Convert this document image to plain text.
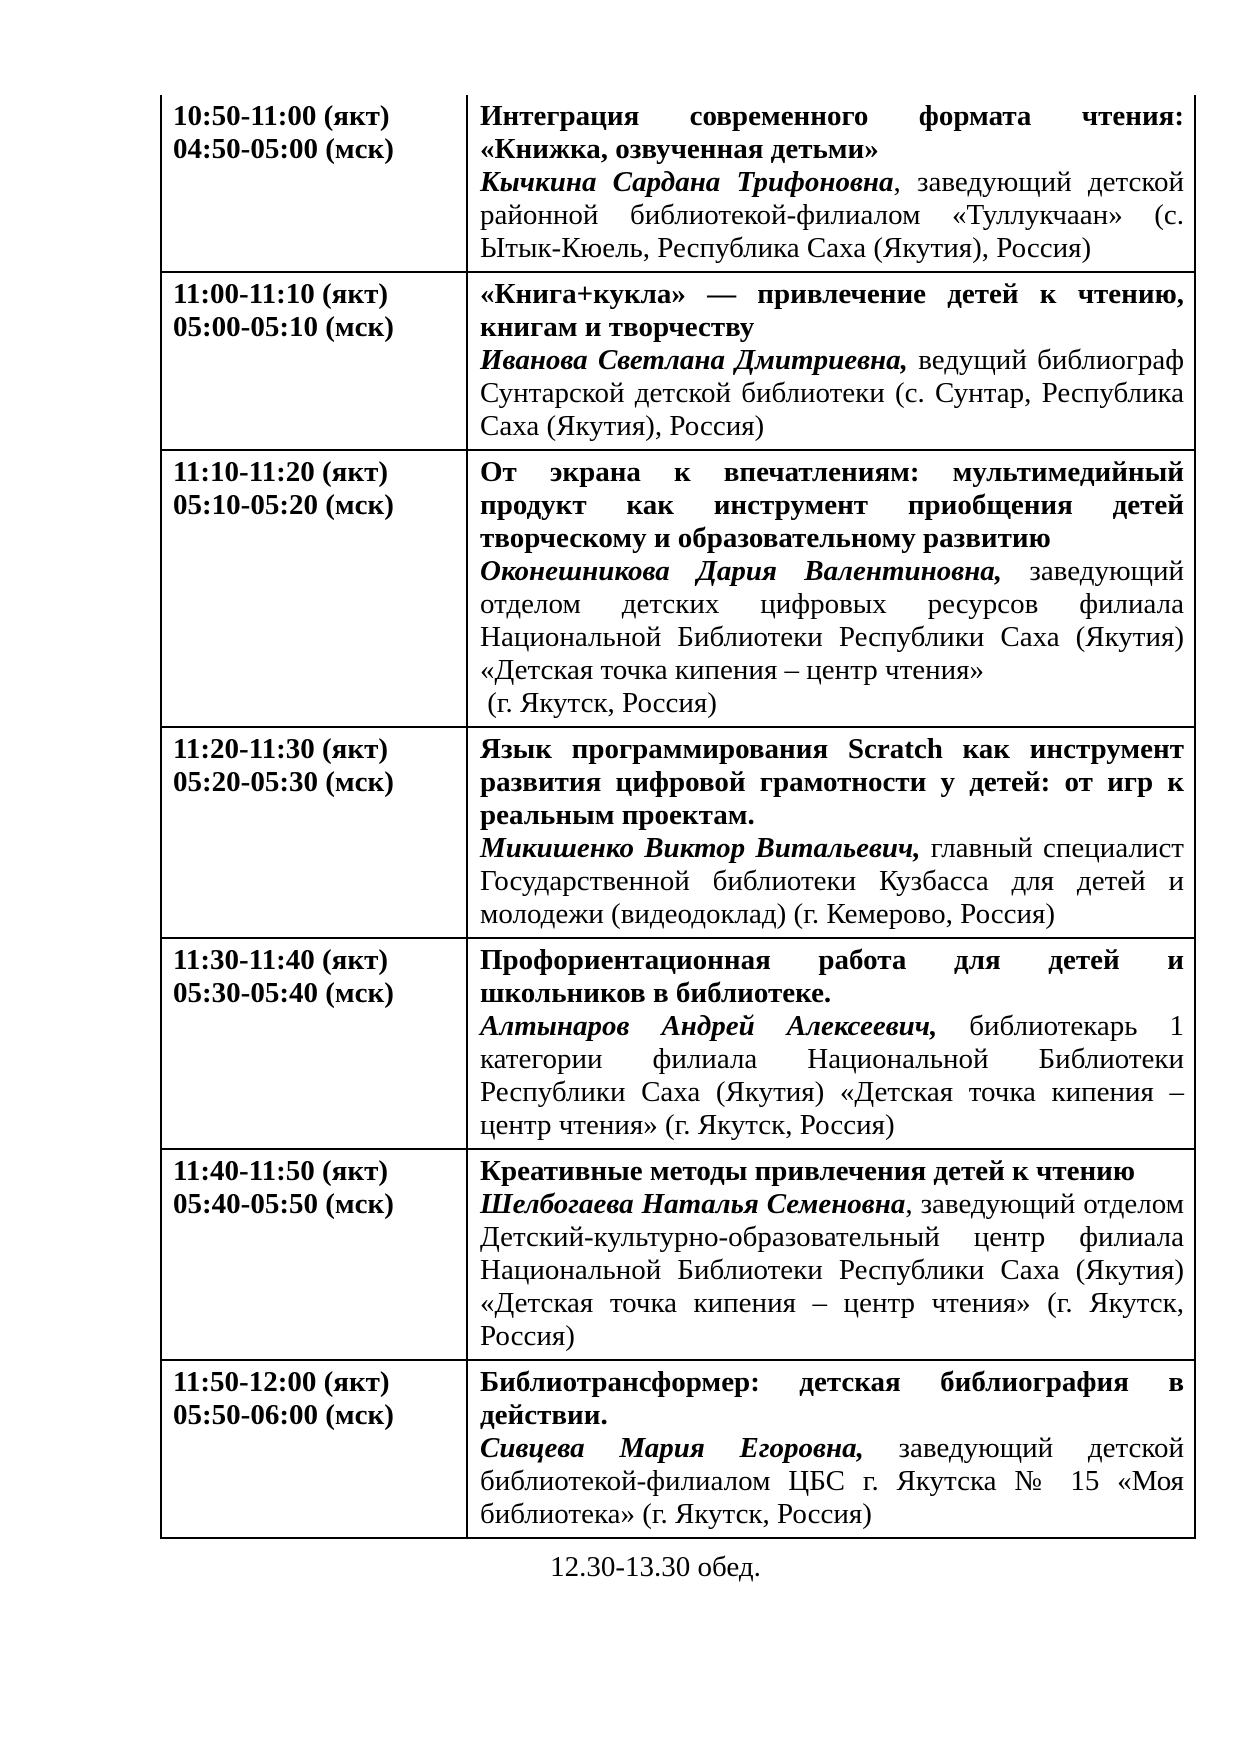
10:50-11:00 (якт)
04:50-05:00 (мск)

Интеграция современного формата чтения: «Книжка, озвученная детьми»
Кычкина Сардана Трифоновна, заведующий детской районной библиотекой-филиалом «Туллукчаан» (с. Ытык-Кюель, Республика Саха (Якутия), Россия)

11:00-11:10 (якт)
05:00-05:10 (мск)

«Книга+кукла» — привлечение детей к чтению, книгам и творчеству
Иванова Светлана Дмитриевна, ведущий библиограф Сунтарской детской библиотеки (с. Сунтар, Республика Саха (Якутия), Россия)

11:10-11:20 (якт)
05:10-05:20 (мск)

От экрана к впечатлениям: мультимедийный продукт как инструмент приобщения детей творческому и образовательному развитию
Оконешникова Дария Валентиновна, заведующий отделом детских цифровых ресурсов филиала Национальной Библиотеки Республики Саха (Якутия) «Детская точка кипения – центр чтения»
(г. Якутск, Россия)

11:20-11:30 (якт)
05:20-05:30 (мск)

Язык программирования Scratch как инструмент развития цифровой грамотности у детей: от игр к реальным проектам.
Микишенко Виктор Витальевич, главный специалист Государственной библиотеки Кузбасса для детей и молодежи (видеодоклад) (г. Кемерово, Россия)

11:30-11:40 (якт)
05:30-05:40 (мск)

Профориентационная работа для детей и школьников в библиотеке.
Алтынаров Андрей Алексеевич, библиотекарь 1 категории филиала Национальной Библиотеки Республики Саха (Якутия) «Детская точка кипения – центр чтения» (г. Якутск, Россия)

11:40-11:50 (якт)
05:40-05:50 (мск)

Креативные методы привлечения детей к чтению
Шелбогаева Наталья Семеновна, заведующий отделом Детский-культурно-образовательный центр филиала Национальной Библиотеки Республики Саха (Якутия) «Детская точка кипения – центр чтения» (г. Якутск, Россия)

11:50-12:00 (якт)
05:50-06:00 (мск)

Библиотрансформер: детская библиография в действии.
Сивцева Мария Егоровна, заведующий детской библиотекой-филиалом ЦБС г. Якутска № 15 «Моя библиотека» (г. Якутск, Россия)
12.30-13.30 обед.
